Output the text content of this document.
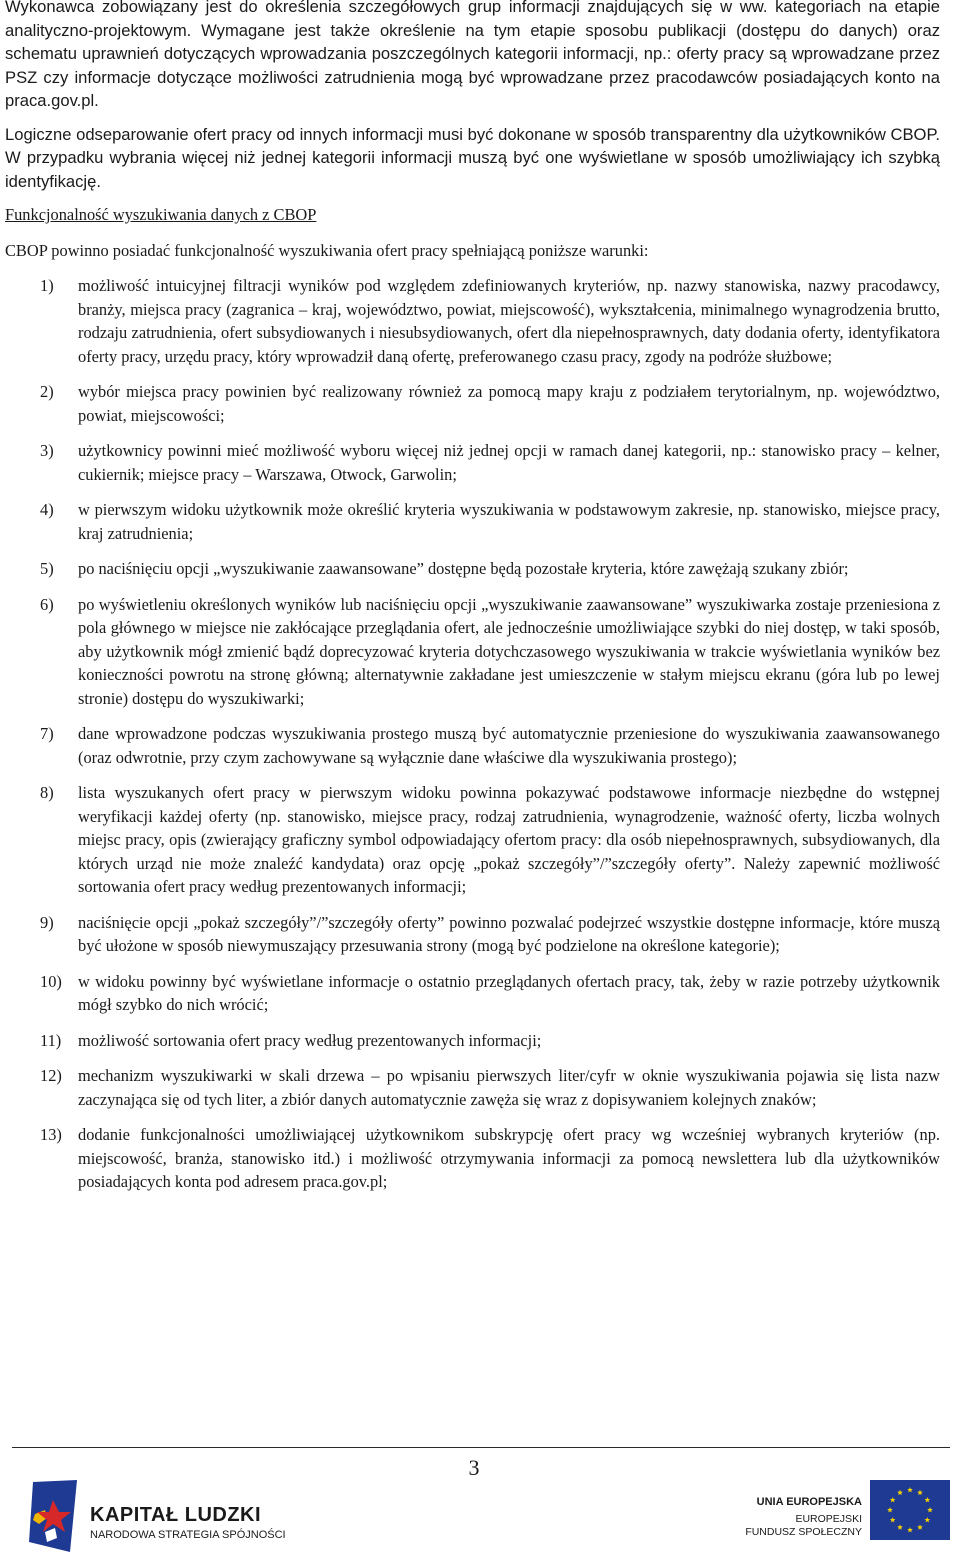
Wykonawca zobowiązany jest do określenia szczegółowych grup informacji znajdujących się w ww. kategoriach na etapie analityczno-projektowym. Wymagane jest także określenie na tym etapie sposobu publikacji (dostępu do danych) oraz schematu uprawnień dotyczących wprowadzania poszczególnych kategorii informacji, np.: oferty pracy są wprowadzane przez PSZ czy informacje dotyczące możliwości zatrudnienia mogą być wprowadzane przez pracodawców posiadających konto na praca.gov.pl.

Logiczne odseparowanie ofert pracy od innych informacji musi być dokonane w sposób transparentny dla użytkowników CBOP. W przypadku wybrania więcej niż jednej kategorii informacji muszą być one wyświetlane w sposób umożliwiający ich szybką identyfikację.

Funkcjonalność wyszukiwania danych z CBOP

CBOP powinno posiadać funkcjonalność wyszukiwania ofert pracy spełniającą poniższe warunki:

1) możliwość intuicyjnej filtracji wyników pod względem zdefiniowanych kryteriów, np. nazwy stanowiska, nazwy pracodawcy, branży, miejsca pracy (zagranica – kraj, województwo, powiat, miejscowość), wykształcenia, minimalnego wynagrodzenia brutto, rodzaju zatrudnienia, ofert subsydiowanych i niesubsydiowanych, ofert dla niepełnosprawnych, daty dodania oferty, identyfikatora oferty pracy, urzędu pracy, który wprowadził daną ofertę, preferowanego czasu pracy, zgody na podróże służbowe;
2) wybór miejsca pracy powinien być realizowany również za pomocą mapy kraju z podziałem terytorialnym, np. województwo, powiat, miejscowości;
3) użytkownicy powinni mieć możliwość wyboru więcej niż jednej opcji w ramach danej kategorii, np.: stanowisko pracy – kelner, cukiernik; miejsce pracy – Warszawa, Otwock, Garwolin;
4) w pierwszym widoku użytkownik może określić kryteria wyszukiwania w podstawowym zakresie, np. stanowisko, miejsce pracy, kraj zatrudnienia;
5) po naciśnięciu opcji „wyszukiwanie zaawansowane” dostępne będą pozostałe kryteria, które zawężają szukany zbiór;
6) po wyświetleniu określonych wyników lub naciśnięciu opcji „wyszukiwanie zaawansowane” wyszukiwarka zostaje przeniesiona z pola głównego w miejsce nie zakłócające przeglądania ofert, ale jednocześnie umożliwiające szybki do niej dostęp, w taki sposób, aby użytkownik mógł zmienić bądź doprecyzować kryteria dotychczasowego wyszukiwania w trakcie wyświetlania wyników bez konieczności powrotu na stronę główną; alternatywnie zakładane jest umieszczenie w stałym miejscu ekranu (góra lub po lewej stronie) dostępu do wyszukiwarki;
7) dane wprowadzone podczas wyszukiwania prostego muszą być automatycznie przeniesione do wyszukiwania zaawansowanego (oraz odwrotnie, przy czym zachowywane są wyłącznie dane właściwe dla wyszukiwania prostego);
8) lista wyszukanych ofert pracy w pierwszym widoku powinna pokazywać podstawowe informacje niezbędne do wstępnej weryfikacji każdej oferty (np. stanowisko, miejsce pracy, rodzaj zatrudnienia, wynagrodzenie, ważność oferty, liczba wolnych miejsc pracy, opis (zwierający graficzny symbol odpowiadający ofertom pracy: dla osób niepełnosprawnych, subsydiowanych, dla których urząd nie może znaleźć kandydata) oraz opcję „pokaż szczegóły”/”szczegóły oferty”. Należy zapewnić możliwość sortowania ofert pracy według prezentowanych informacji;
9) naciśnięcie opcji „pokaż szczegóły”/”szczegóły oferty” powinno pozwalać podejrzeć wszystkie dostępne informacje, które muszą być ułożone w sposób niewymuszający przesuwania strony (mogą być podzielone na określone kategorie);
10) w widoku powinny być wyświetlane informacje o ostatnio przeglądanych ofertach pracy, tak, żeby w razie potrzeby użytkownik mógł szybko do nich wrócić;
11) możliwość sortowania ofert pracy według prezentowanych informacji;
12) mechanizm wyszukiwarki w skali drzewa – po wpisaniu pierwszych liter/cyfr w oknie wyszukiwania pojawia się lista nazw zaczynająca się od tych liter, a zbiór danych automatycznie zawęża się wraz z dopisywaniem kolejnych znaków;
13) dodanie funkcjonalności umożliwiającej użytkownikom subskrypcję ofert pracy wg wcześniej wybranych kryteriów (np. miejscowość, branża, stanowisko itd.) i możliwość otrzymywania informacji za pomocą newslettera lub dla użytkowników posiadających konta pod adresem praca.gov.pl;
3
KAPITAŁ LUDZKI
NARODOWA STRATEGIA SPÓJNOŚCI
UNIA EUROPEJSKA
EUROPEJSKI
FUNDUSZ SPOŁECZNY
